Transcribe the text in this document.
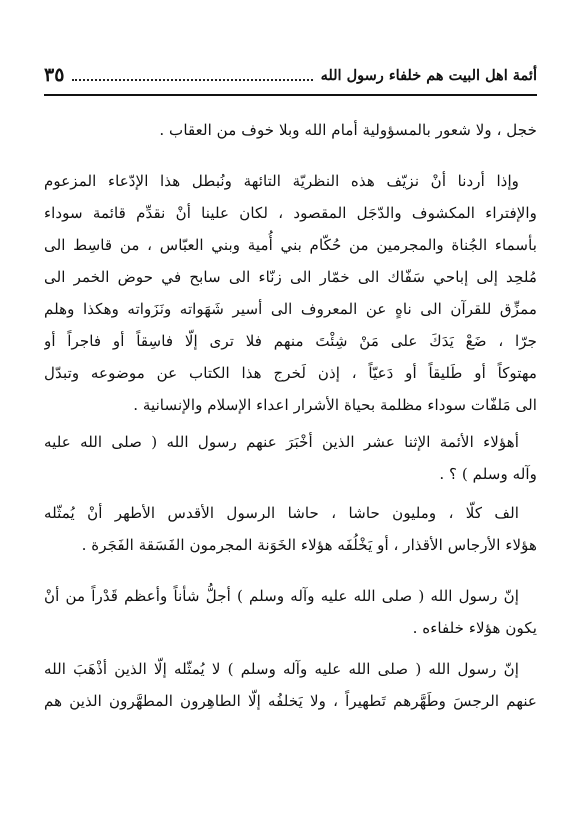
أئمة اهل البيت هم خلفاء رسول الله
٣٥
خجل ، ولا شعور بالمسؤولية أمام الله وبلا خوف من العقاب .
وإذا أردنا أنْ نزيّف هذه النظريّة التائهة ونُبطل هذا الإدّعاء المزعوم
والإفتراء المكشوف والدّجَل المقصود ، لكان علينا أنْ نقدِّم قائمة سوداء
بأسماء الجُناة والمجرمين من حُكّام بني أُمية وبني العبّاس ، من قاسِط الى
مُلحِد إلى إباحي سَفّاك الى خمّار الى زنّاء الى سابح في حوض الخمر الى
ممزِّق للقرآن الى ناهٍ عن المعروف الى أسير شَهَواته ونَزَواته وهكذا وهلم
جرّا ، ضَعْ يَدَكَ على مَنْ شِئْتَ منهم فلا ترى إلّا فاسِقاً أو فاجراً أو
مهتوكاً أو طَليقاً أو دَعيّاً ، إذن لَخرج هذا الكتاب عن موضوعه وتبدّل
الى مَلفّات سوداء مظلمة بحياة الأشرار اعداء الإسلام والإنسانية .
أهؤلاء الأئمة الإثنا عشر الذين أخْبَرَ عنهم رسول الله ( صلى الله عليه
وآله وسلم ) ؟ .
الف كلّا ، ومليون حاشا ، حاشا الرسول الأقدس الأطهر أنْ يُمثّله
هؤلاء الأرجاس الأقذار ، أو يَخْلُفَه هؤلاء الخَوَنة المجرمون الفَسَقة الفَجَرة .
إنّ رسول الله ( صلى الله عليه وآله وسلم ) أجلُّ شأناً وأعظم قَدْراً من أنْ
يكون هؤلاء خلفاءه .
إنّ رسول الله ( صلى الله عليه وآله وسلم ) لا يُمثّله إلّا الذين أذْهَبَ الله
عنهم الرجسَ وطَهَّرهم تَطهيراً ، ولا يَخلفُه إلّا الطاهِرون المطهَّرون الذين هم
